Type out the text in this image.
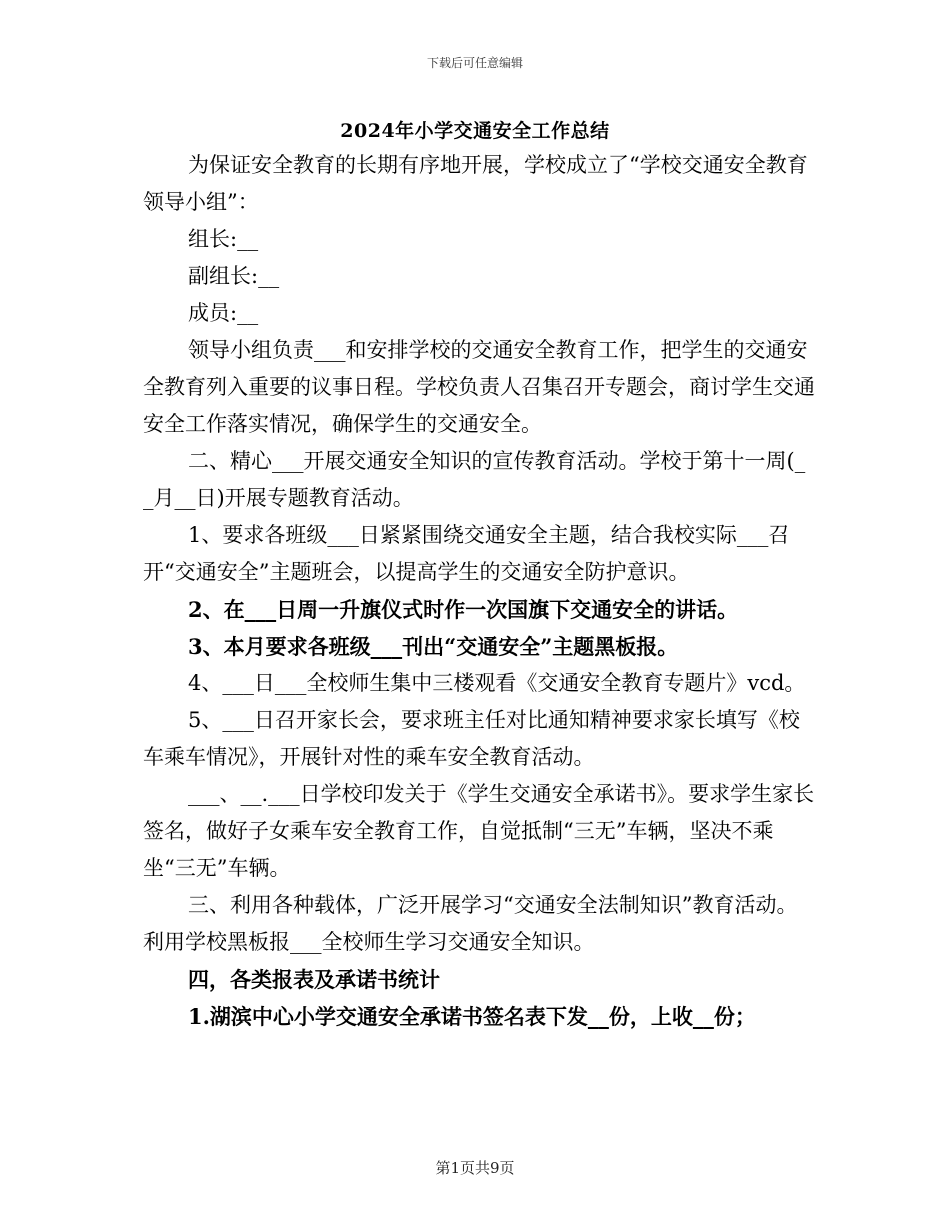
下载后可任意编辑
2024年小学交通安全工作总结

为保证安全教育的长期有序地开展，学校成立了“学校交通安全教育领导小组”：

组长:__

副组长:__

成员:__

领导小组负责___和安排学校的交通安全教育工作，把学生的交通安全教育列入重要的议事日程。学校负责人召集召开专题会，商讨学生交通安全工作落实情况，确保学生的交通安全。

二、精心___开展交通安全知识的宣传教育活动。学校于第十一周(__月__日)开展专题教育活动。

1、要求各班级___日紧紧围绕交通安全主题，结合我校实际___召开“交通安全”主题班会，以提高学生的交通安全防护意识。

2、在___日周一升旗仪式时作一次国旗下交通安全的讲话。

3、本月要求各班级___刊出“交通安全”主题黑板报。

4、___日___全校师生集中三楼观看《交通安全教育专题片》vcd。

5、___日召开家长会，要求班主任对比通知精神要求家长填写《校车乘车情况》，开展针对性的乘车安全教育活动。

___、__.___日学校印发关于《学生交通安全承诺书》。要求学生家长签名，做好子女乘车安全教育工作，自觉抵制“三无”车辆，坚决不乘坐“三无”车辆。

三、利用各种载体，广泛开展学习“交通安全法制知识”教育活动。利用学校黑板报___全校师生学习交通安全知识。

四，各类报表及承诺书统计

1.湖滨中心小学交通安全承诺书签名表下发__份，上收__份；

第1页共9页
